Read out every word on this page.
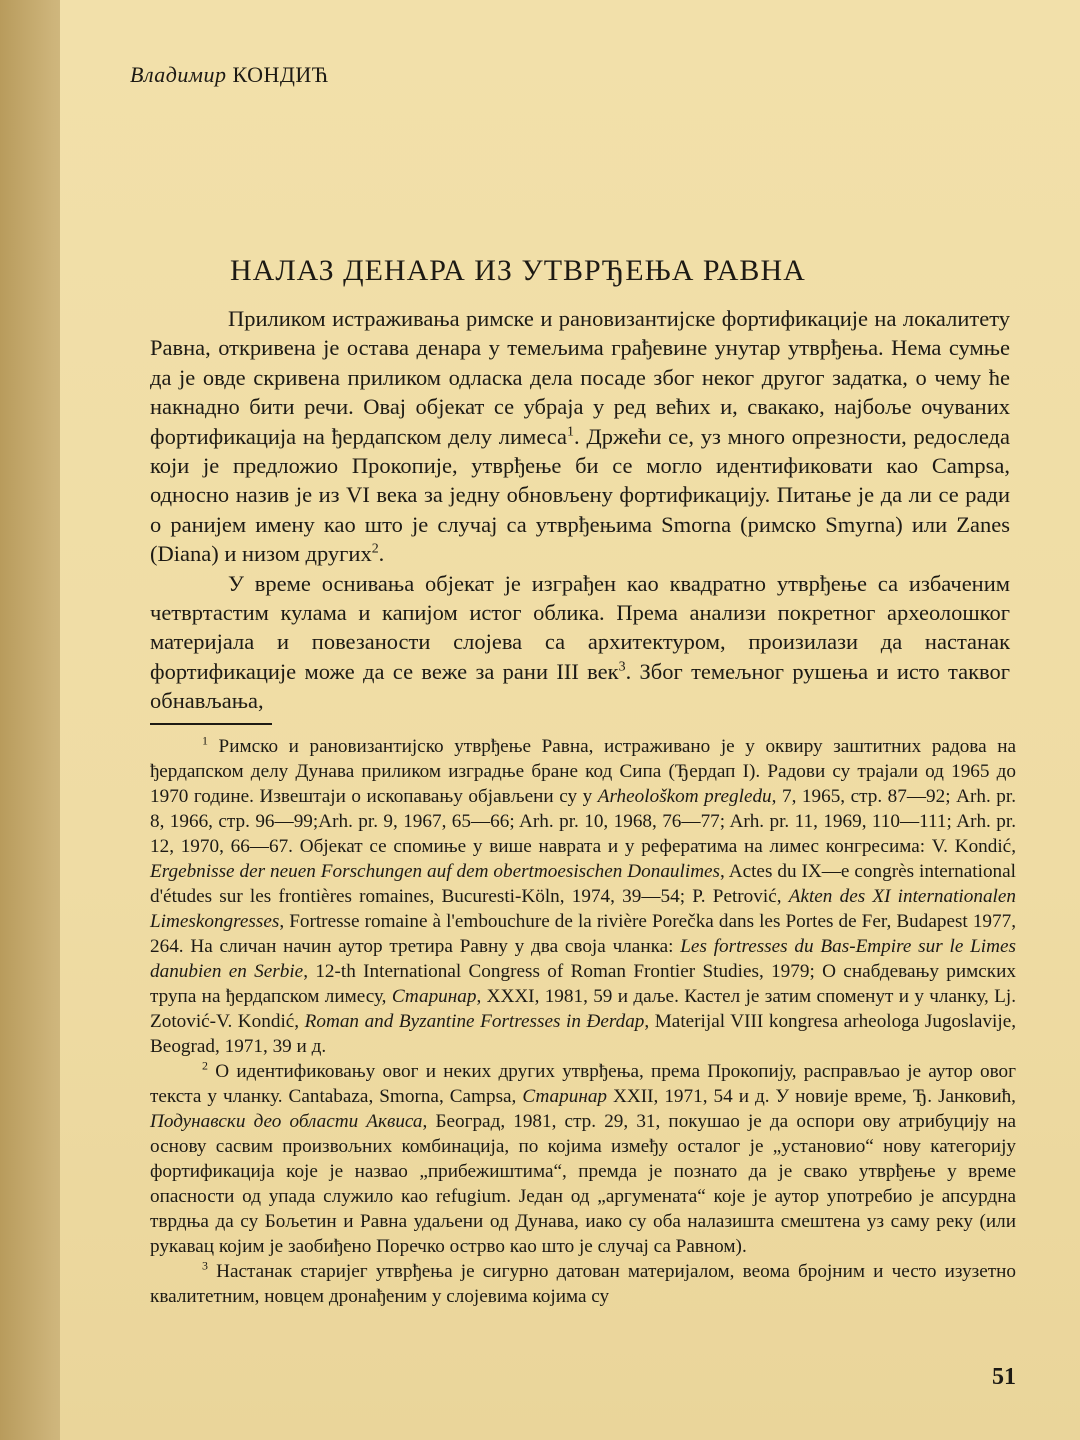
Владимир КОНДИЋ
НАЛАЗ ДЕНАРА ИЗ УТВРЂЕЊА РАВНА

Приликом истраживања римске и рановизантијске фортификације на локалитету Равна, откривена је остава денара у темељима грађевине унутар утврђења. Нема сумње да је овде скривена приликом одласка дела посаде због неког другог задатка, о чему ће накнадно бити речи. Овај објекат се убраја у ред већих и, свакако, најбоље очуваних фортификација на ђердапском делу лимеса$^1$. Држећи се, уз много опрезности, редоследа који је предложио Прокопије, утврђење би се могло идентификовати као Campsa, односно назив је из VI века за једну обновљену фортификацију. Питање је да ли се ради о ранијем имену као што је случај са утврђењима Smorna (римско Smyrna) или Zanes (Diana) и низом других$^2$.

У време оснивања објекат је изграђен као квадратно утврђење са избаченим четвртастим кулама и капијом истог облика. Према анализи покретног археолошког материјала и повезаности слојева са архитектуром, произилази да настанак фортификације може да се веже за рани III век$^3$. Због темељног рушења и исто таквог обнављања,

$^1$ Римско и рановизантијско утврђење Равна, истраживано је у оквиру заштитних радова на ђердапском делу Дунава приликом изградње бране код Сипа (Ђердап I). Радови су трајали од 1965 до 1970 године. Извештаји о ископавању објављени су у Arheološkom pregledu, 7, 1965, стр. 87—92; Arh. pr. 8, 1966, стр. 96—99;Arh. pr. 9, 1967, 65—66; Arh. pr. 10, 1968, 76—77; Arh. pr. 11, 1969, 110—111; Arh. pr. 12, 1970, 66—67. Објекат се спомиње у више наврата и у рефератима на лимес конгресима: V. Kondić, Ergebnisse der neuen Forschungen auf dem obertmoesischen Donaulimes, Actes du IX—e congrès international d'études sur les frontières romaines, Bucuresti-Köln, 1974, 39—54; P. Petrović, Akten des XI internationalen Limeskongresses, Fortresse romaine à l'embouchure de la rivière Porečka dans les Portes de Fer, Budapest 1977, 264. На сличан начин аутор третира Равну у два своја чланка: Les fortresses du Bas-Empire sur le Limes danubien en Serbie, 12-th International Congress of Roman Frontier Studies, 1979; О снабдевању римских трупа на ђердапском лимесу, Старинар, XXXI, 1981, 59 и даље. Кастел је затим споменут и у чланку, Lj. Zotović-V. Kondić, Roman and Byzantine Fortresses in Đerdap, Materijal VIII kongresa arheologa Jugoslavije, Beograd, 1971, 39 и д.

$^2$ О идентификовању овог и неких других утврђења, према Прокопију, расправљао је аутор овог текста у чланку. Cantabaza, Smorna, Campsa, Старинар XXII, 1971, 54 и д. У новије време, Ђ. Јанковић, Подунавски део области Аквиса, Београд, 1981, стр. 29, 31, покушао је да оспори ову атрибуцију на основу сасвим произвољних комбинација, по којима између осталог је „установио“ нову категорију фортификација које је назвао „прибежиштима“, премда је познато да је свако утврђење у време опасности од упада служило као refugium. Један од „аргумената“ које је аутор употребио је апсурдна тврдња да су Бољетин и Равна удаљени од Дунава, иако су оба налазишта смештена уз саму реку (или рукавац којим је заобиђено Поречко острво као што је случај са Равном).

$^3$ Настанак старијег утврђења је сигурно датован материјалом, веома бројним и често изузетно квалитетним, новцем дронађеним у слојевима којима су

51
